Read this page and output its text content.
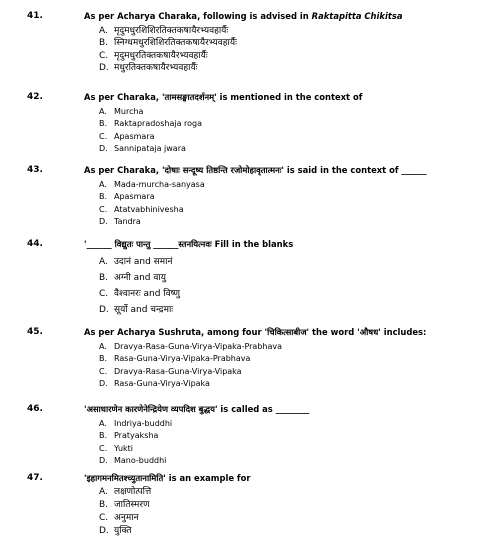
41.	As per Acharya Charaka, following is advised in Raktapitta Chikitsa
A. मृदुमधुरशिशिरतिक्तकषायैरभ्यवहार्यैः
B. स्निग्धमधुरशिशिरतिक्तकषायैरभ्यवहार्यैः
C. मृदुमधुरतिक्तकषायैरभ्यवहार्यैः
D. मधुरतिक्तकषायैरभ्यवहार्यैः
42.	As per Charaka, 'तामसङ्घातदर्शनम्' is mentioned in the context of
A. Murcha
B. Raktapradoshaja roga
C. Apasmara
D. Sannipataja jwara
43.	As per Charaka, 'दोषाः सन्दूष्य तिष्ठन्ति रजोमोहावृतात्मनः' is said in the context of ______
A. Mada-murcha-sanyasa
B. Apasmara
C. Atatvabhinivesha
D. Tandra
44.	'______ विद्युतः पान्तु ______स्तनयित्नवः Fill in the blanks
A. उदानं and समानं
B. अग्नी and वायु
C. वैश्वानरः and विष्णु
D. सूर्यो and चन्द्रमाः
45.	As per Acharya Sushruta, among four 'चिकित्साबीज' the word 'औषध' includes:
A. Dravya-Rasa-Guna-Virya-Vipaka-Prabhava
B. Rasa-Guna-Virya-Vipaka-Prabhava
C. Dravya-Rasa-Guna-Virya-Vipaka
D. Rasa-Guna-Virya-Vipaka
46.	'असाधारणेन कारणेनेन्द्रियेण व्यपदिश बुद्धय' is called as ________
A. Indriya-buddhi
B. Pratyaksha
C. Yukti
D. Mano-buddhi
47.	'इहागमनमितश्च्युतानामिति' is an example for
A. लक्षणोत्पत्ति
B. जातिस्मरण
C. अनुमान
D. युक्ति
